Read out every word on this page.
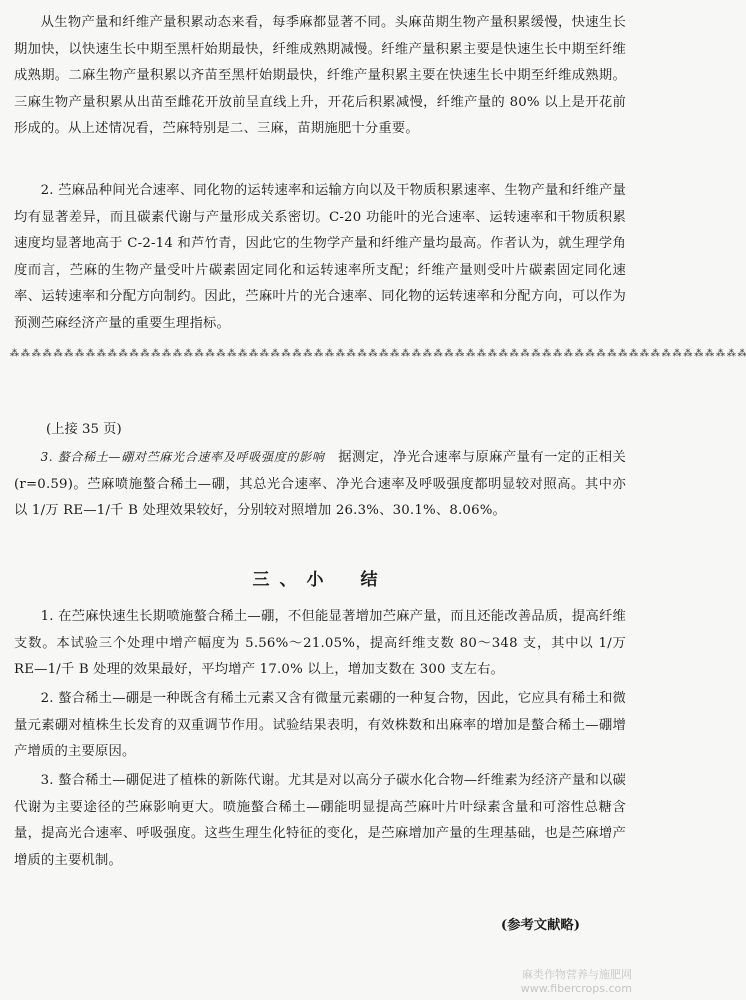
从生物产量和纤维产量积累动态来看，每季麻都显著不同。头麻苗期生物产量积累缓慢，快速生长期加快，以快速生长中期至黑杆始期最快，纤维成熟期减慢。纤维产量积累主要是快速生长中期至纤维成熟期。二麻生物产量积累以齐苗至黑杆始期最快，纤维产量积累主要在快速生长中期至纤维成熟期。三麻生物产量积累从出苗至雌花开放前呈直线上升，开花后积累减慢，纤维产量的 80% 以上是开花前形成的。从上述情况看，苎麻特别是二、三麻，苗期施肥十分重要。

2. 苎麻品种间光合速率、同化物的运转速率和运输方向以及干物质积累速率、生物产量和纤维产量均有显著差异，而且碳素代谢与产量形成关系密切。C-20 功能叶的光合速率、运转速率和干物质积累速度均显著地高于 C-2-14 和芦竹青，因此它的生物学产量和纤维产量均最高。作者认为，就生理学角度而言，苎麻的生物产量受叶片碳素固定同化和运转速率所支配；纤维产量则受叶片碳素固定同化速率、运转速率和分配方向制约。因此，苎麻叶片的光合速率、同化物的运转速率和分配方向，可以作为预测苎麻经济产量的重要生理指标。

⁂ ⁂ ⁂ ⁂ ⁂ ⁂ ⁂ ⁂ ⁂ ⁂ ⁂ ⁂ ⁂ ⁂ ⁂ ⁂ ⁂ ⁂ ⁂ ⁂ ⁂ ⁂ ⁂ ⁂ ⁂ ⁂ ⁂ ⁂ ⁂ ⁂ ⁂ ⁂ ⁂ ⁂ ⁂ ⁂ ⁂ ⁂ ⁂ ⁂ ⁂ ⁂ ⁂ ⁂ ⁂ ⁂ ⁂ ⁂ ⁂ ⁂ ⁂ ⁂ ⁂ ⁂ ⁂ ⁂ ⁂ ⁂ ⁂ ⁂ ⁂ ⁂ ⁂ ⁂ ⁂ ⁂ ⁂ ⁂

(上接 35 页)

3. 螯合稀土—硼对苎麻光合速率及呼吸强度的影响　 据测定，净光合速率与原麻产量有一定的正相关(r=0.59)。苎麻喷施螯合稀土—硼，其总光合速率、净光合速率及呼吸强度都明显较对照高。其中亦以 1/万 RE—1/千 B 处理效果较好，分别较对照增加 26.3%、30.1%、8.06%。

三、小　结

1. 在苎麻快速生长期喷施螯合稀土—硼，不但能显著增加苎麻产量，而且还能改善品质，提高纤维支数。本试验三个处理中增产幅度为 5.56%～21.05%，提高纤维支数 80～348 支，其中以 1/万 RE—1/千 B 处理的效果最好，平均增产 17.0% 以上，增加支数在 300 支左右。

2. 螯合稀土—硼是一种既含有稀土元素又含有微量元素硼的一种复合物，因此，它应具有稀土和微量元素硼对植株生长发育的双重调节作用。试验结果表明，有效株数和出麻率的增加是螯合稀土—硼增产增质的主要原因。

3. 螯合稀土—硼促进了植株的新陈代谢。尤其是对以高分子碳水化合物—纤维素为经济产量和以碳代谢为主要途径的苎麻影响更大。喷施螯合稀土—硼能明显提高苎麻叶片叶绿素含量和可溶性总糖含量，提高光合速率、呼吸强度。这些生理生化特征的变化，是苎麻增加产量的生理基础，也是苎麻增产增质的主要机制。

(参考文献略)

麻类作物营养与施肥网
www.fibercrops.com
